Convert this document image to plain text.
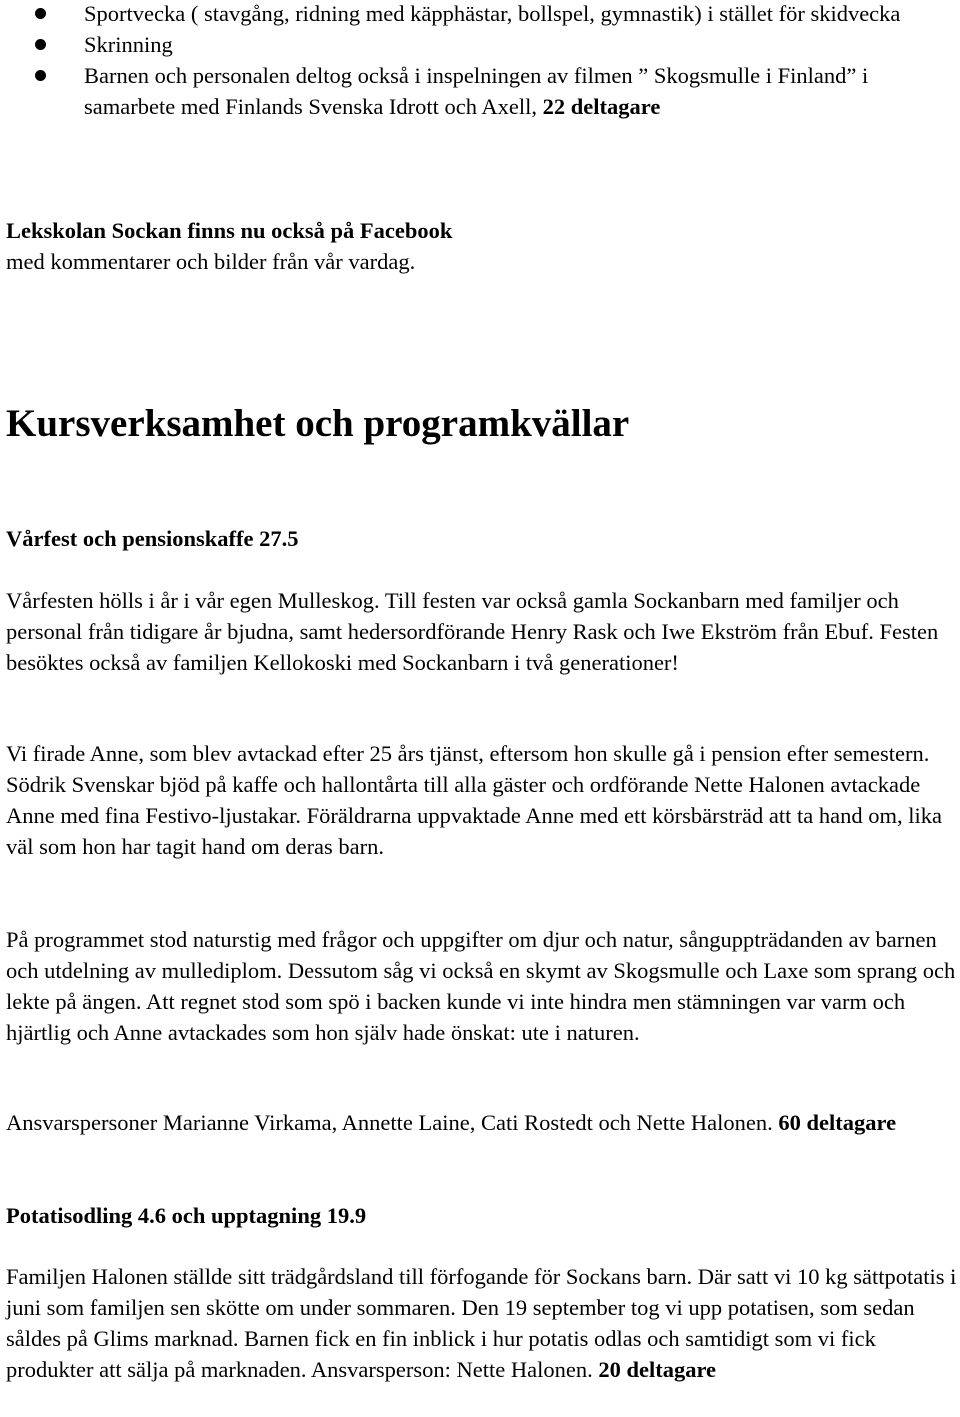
Sportvecka ( stavgång, ridning med käpphästar, bollspel, gymnastik) i stället för skidvecka
Skrinning
Barnen och personalen deltog också i inspelningen av filmen ” Skogsmulle i Finland” i samarbete med Finlands Svenska Idrott och Axell, 22 deltagare

Lekskolan Sockan finns nu också på Facebook

med kommentarer och bilder från vår vardag.

Kursverksamhet och programkvällar
Vårfest och pensionskaffe 27.5
Vårfesten hölls i år i vår egen Mulleskog. Till festen var också gamla Sockanbarn med familjer och personal från tidigare år bjudna, samt hedersordförande Henry Rask och Iwe Ekström från Ebuf. Festen besöktes också av familjen Kellokoski med Sockanbarn i två generationer!
Vi firade Anne, som blev avtackad efter 25 års tjänst, eftersom hon skulle gå i pension efter semestern. Södrik Svenskar bjöd på kaffe och hallontårta till alla gäster och ordförande Nette Halonen avtackade Anne med fina Festivo-ljustakar. Föräldrarna uppvaktade Anne med ett körsbärsträd att ta hand om, lika väl som hon har tagit hand om deras barn.
På programmet stod naturstig med frågor och uppgifter om djur och natur, sånguppträdanden av barnen och utdelning av mullediplom. Dessutom såg vi också en skymt av Skogsmulle och Laxe som sprang och lekte på ängen. Att regnet stod som spö i backen kunde vi inte hindra men stämningen var varm och hjärtlig och Anne avtackades som hon själv hade önskat: ute i naturen.
Ansvarspersoner Marianne Virkama, Annette Laine, Cati Rostedt och Nette Halonen. 60 deltagare
Potatisodling 4.6 och upptagning 19.9
Familjen Halonen ställde sitt trädgårdsland till förfogande för Sockans barn. Där satt vi 10 kg sättpotatis i juni som familjen sen skötte om under sommaren. Den 19 september tog vi upp potatisen, som sedan såldes på Glims marknad. Barnen fick en fin inblick i hur potatis odlas och samtidigt som vi fick produkter att sälja på marknaden. Ansvarsperson: Nette Halonen. 20 deltagare
